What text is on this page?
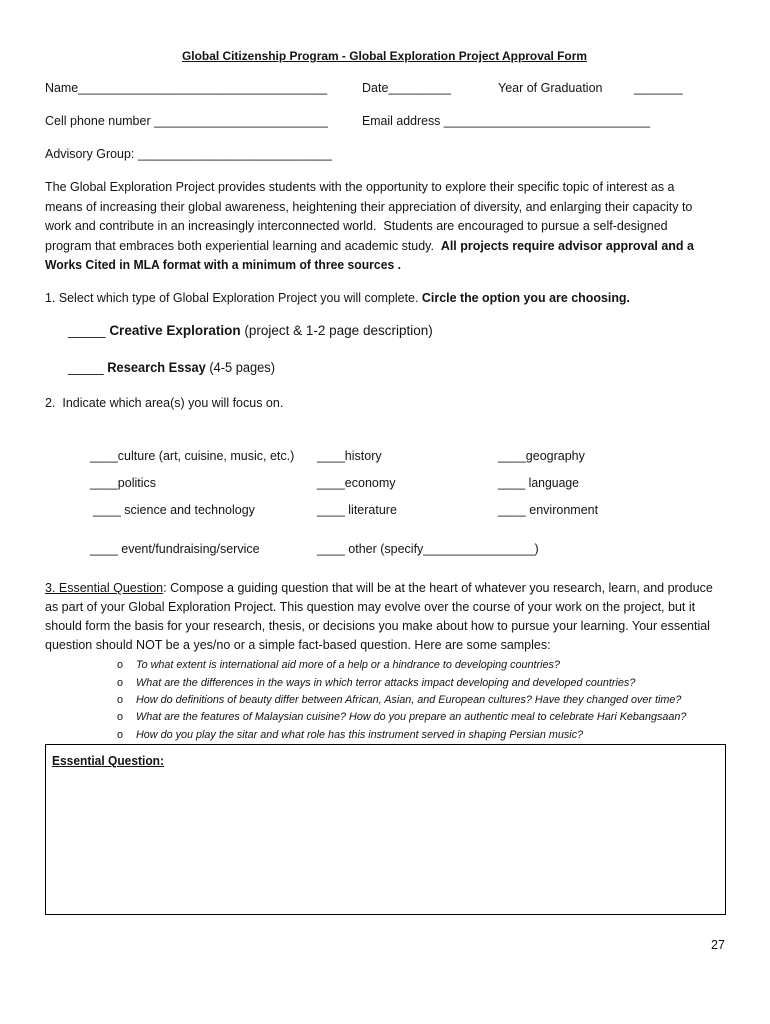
Global Citizenship Program - Global Exploration Project Approval Form
Name____________________________________	Date_________	Year of Graduation	_______
Cell phone number _________________________	Email address ______________________________
Advisory Group: ____________________________
The Global Exploration Project provides students with the opportunity to explore their specific topic of interest as a
means of increasing their global awareness, heightening their appreciation of diversity, and enlarging their capacity to
work and contribute in an increasingly interconnected world.  Students are encouraged to pursue a self-designed
program that embraces both experiential learning and academic study. All projects require advisor approval and a
Works Cited in MLA format with a minimum of three sources .
1. Select which type of Global Exploration Project you will complete. Circle the option you are choosing.
_____ Creative Exploration (project & 1-2 page description)
_____ Research Essay (4-5 pages)
2.  Indicate which area(s) you will focus on.
____culture (art, cuisine, music, etc.) ____history	____geography
____politics	____economy	____ language
____ science and technology	____ literature	____ environment
____ event/fundraising/service	____ other (specify________________)
3. Essential Question: Compose a guiding question that will be at the heart of whatever you research, learn, and produce
as part of your Global Exploration Project. This question may evolve over the course of your work on the project, but it
should form the basis for your research, thesis, or decisions you make about how to pursue your learning. Your essential
question should NOT be a yes/no or a simple fact-based question. Here are some samples:
o To what extent is international aid more of a help or a hindrance to developing countries?
o What are the differences in the ways in which terror attacks impact developing and developed countries?
o How do definitions of beauty differ between African, Asian, and European cultures? Have they changed over time?
o What are the features of Malaysian cuisine? How do you prepare an authentic meal to celebrate Hari Kebangsaan?
o How do you play the sitar and what role has this instrument served in shaping Persian music?
Essential Question:
27
